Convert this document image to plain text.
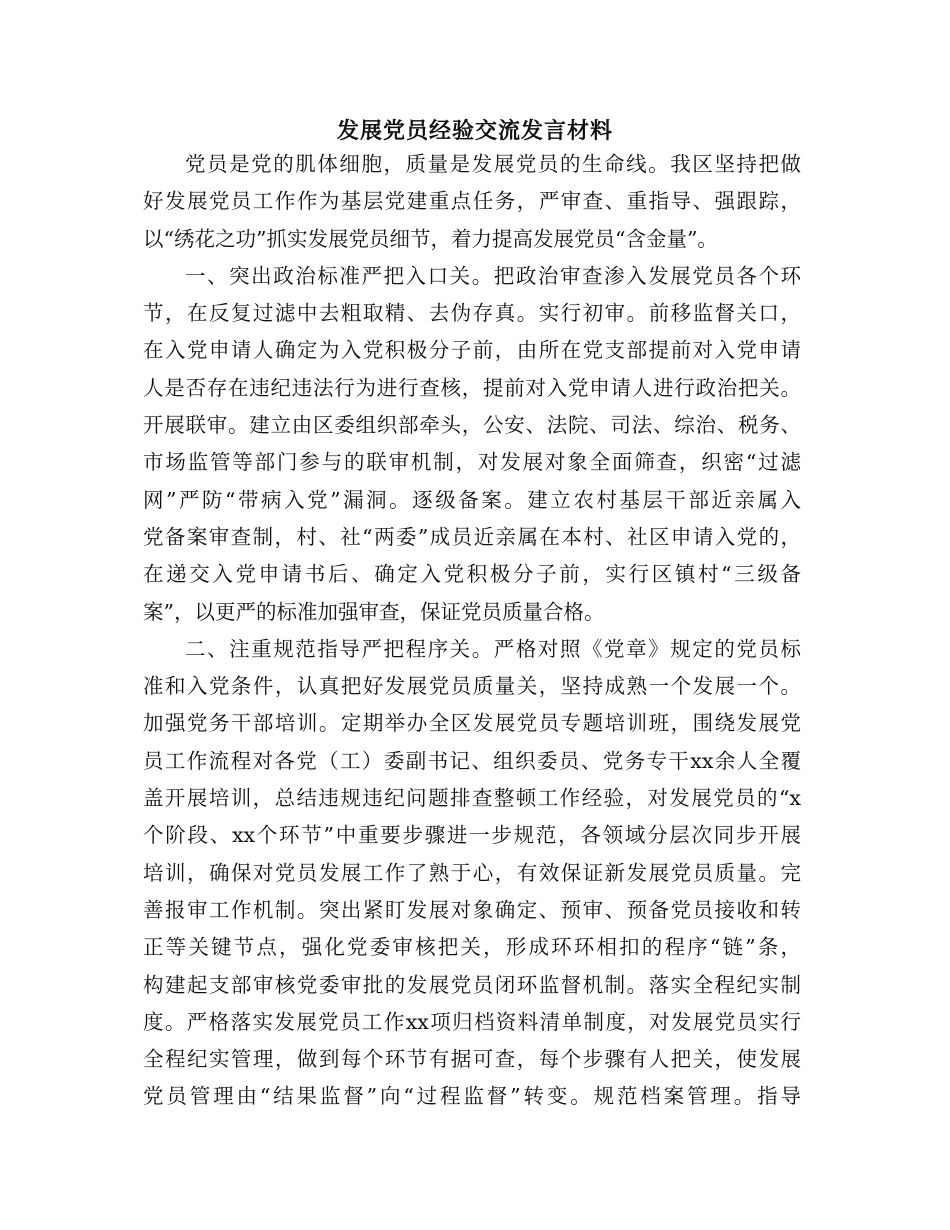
发展党员经验交流发言材料
党员是党的肌体细胞，质量是发展党员的生命线。我区坚持把做
好发展党员工作作为基层党建重点任务，严审查、重指导、强跟踪，
以“绣花之功”抓实发展党员细节，着力提高发展党员“含金量”。
一、突出政治标准严把入口关。把政治审查渗入发展党员各个环
节，在反复过滤中去粗取精、去伪存真。实行初审。前移监督关口，
在入党申请人确定为入党积极分子前，由所在党支部提前对入党申请
人是否存在违纪违法行为进行查核，提前对入党申请人进行政治把关。
开展联审。建立由区委组织部牵头，公安、法院、司法、综治、税务、
市场监管等部门参与的联审机制，对发展对象全面筛查，织密“过滤
网”严防“带病入党”漏洞。逐级备案。建立农村基层干部近亲属入
党备案审查制，村、社“两委”成员近亲属在本村、社区申请入党的，
在递交入党申请书后、确定入党积极分子前，实行区镇村“三级备
案”，以更严的标准加强审查，保证党员质量合格。
二、注重规范指导严把程序关。严格对照《党章》规定的党员标
准和入党条件，认真把好发展党员质量关，坚持成熟一个发展一个。
加强党务干部培训。定期举办全区发展党员专题培训班，围绕发展党
员工作流程对各党（工）委副书记、组织委员、党务专干xx余人全覆
盖开展培训，总结违规违纪问题排查整顿工作经验，对发展党员的“x
个阶段、xx个环节”中重要步骤进一步规范，各领域分层次同步开展
培训，确保对党员发展工作了熟于心，有效保证新发展党员质量。完
善报审工作机制。突出紧盯发展对象确定、预审、预备党员接收和转
正等关键节点，强化党委审核把关，形成环环相扣的程序“链”条，
构建起支部审核党委审批的发展党员闭环监督机制。落实全程纪实制
度。严格落实发展党员工作xx项归档资料清单制度，对发展党员实行
全程纪实管理，做到每个环节有据可查，每个步骤有人把关，使发展
党员管理由“结果监督”向“过程监督”转变。规范档案管理。指导
